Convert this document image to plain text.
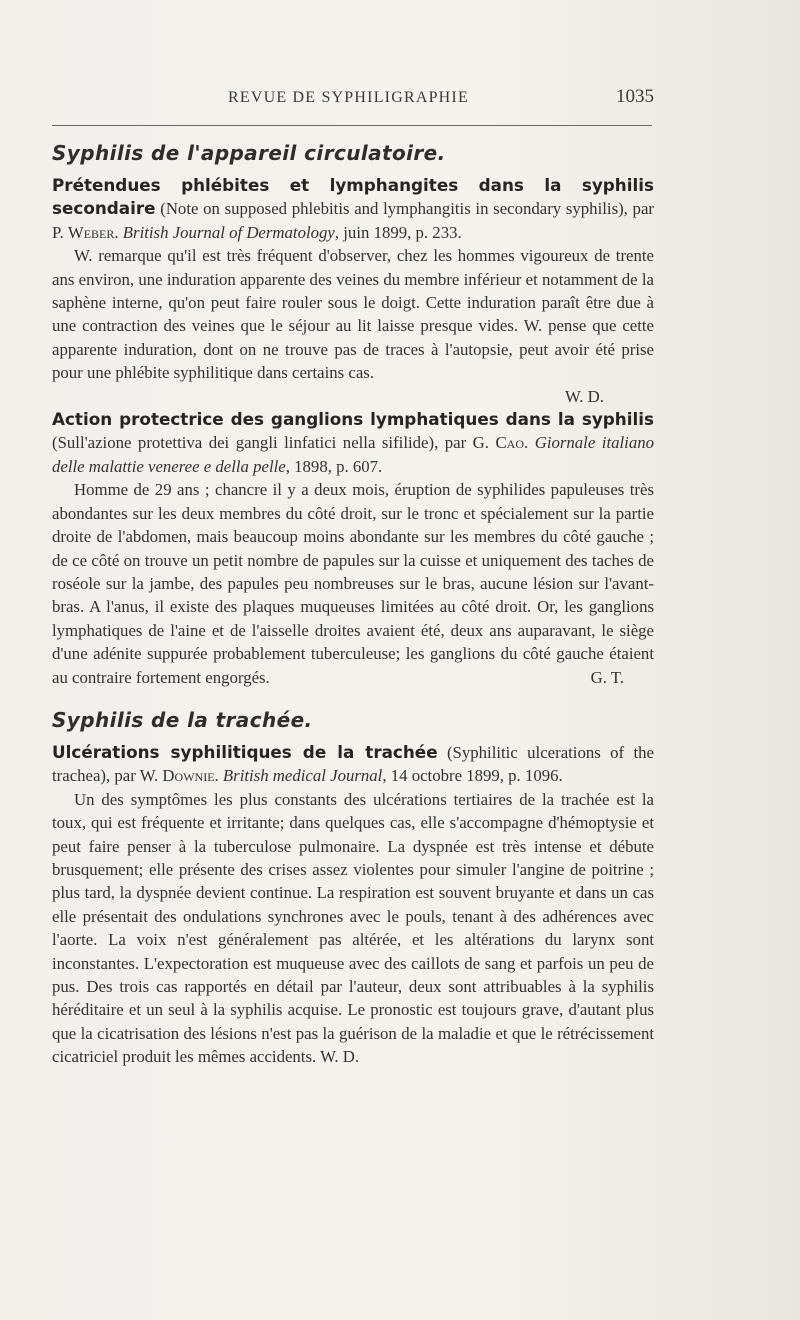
REVUE DE SYPHILIGRAPHIE	1035
Syphilis de l'appareil circulatoire.

Prétendues phlébites et lymphangites dans la syphilis secondaire (Note on supposed phlebitis and lymphangitis in secondary syphilis), par P. Weber. British Journal of Dermatology, juin 1899, p. 233.

W. remarque qu'il est très fréquent d'observer, chez les hommes vigoureux de trente ans environ, une induration apparente des veines du membre inférieur et notamment de la saphène interne, qu'on peut faire rouler sous le doigt. Cette induration paraît être due à une contraction des veines que le séjour au lit laisse presque vides. W. pense que cette apparente induration, dont on ne trouve pas de traces à l'autopsie, peut avoir été prise pour une phlébite syphilitique dans certains cas.

W. D.

Action protectrice des ganglions lymphatiques dans la syphilis (Sull'azione protettiva dei gangli linfatici nella sifilide), par G. Cao. Giornale italiano delle malattie veneree e della pelle, 1898, p. 607.

Homme de 29 ans ; chancre il y a deux mois, éruption de syphilides papuleuses très abondantes sur les deux membres du côté droit, sur le tronc et spécialement sur la partie droite de l'abdomen, mais beaucoup moins abondante sur les membres du côté gauche ; de ce côté on trouve un petit nombre de papules sur la cuisse et uniquement des taches de roséole sur la jambe, des papules peu nombreuses sur le bras, aucune lésion sur l'avant-bras. A l'anus, il existe des plaques muqueuses limitées au côté droit. Or, les ganglions lymphatiques de l'aine et de l'aisselle droites avaient été, deux ans auparavant, le siège d'une adénite suppurée probablement tuberculeuse; les ganglions du côté gauche étaient au contraire fortement engorgés.	G. T.

Syphilis de la trachée.

Ulcérations syphilitiques de la trachée (Syphilitic ulcerations of the trachea), par W. Downie. British medical Journal, 14 octobre 1899, p. 1096.

Un des symptômes les plus constants des ulcérations tertiaires de la trachée est la toux, qui est fréquente et irritante; dans quelques cas, elle s'accompagne d'hémoptysie et peut faire penser à la tuberculose pulmonaire. La dyspnée est très intense et débute brusquement; elle présente des crises assez violentes pour simuler l'angine de poitrine ; plus tard, la dyspnée devient continue. La respiration est souvent bruyante et dans un cas elle présentait des ondulations synchrones avec le pouls, tenant à des adhérences avec l'aorte. La voix n'est généralement pas altérée, et les altérations du larynx sont inconstantes. L'expectoration est muqueuse avec des caillots de sang et parfois un peu de pus. Des trois cas rapportés en détail par l'auteur, deux sont attribuables à la syphilis héréditaire et un seul à la syphilis acquise. Le pronostic est toujours grave, d'autant plus que la cicatrisation des lésions n'est pas la guérison de la maladie et que le rétrécissement cicatriciel produit les mêmes accidents. W. D.
